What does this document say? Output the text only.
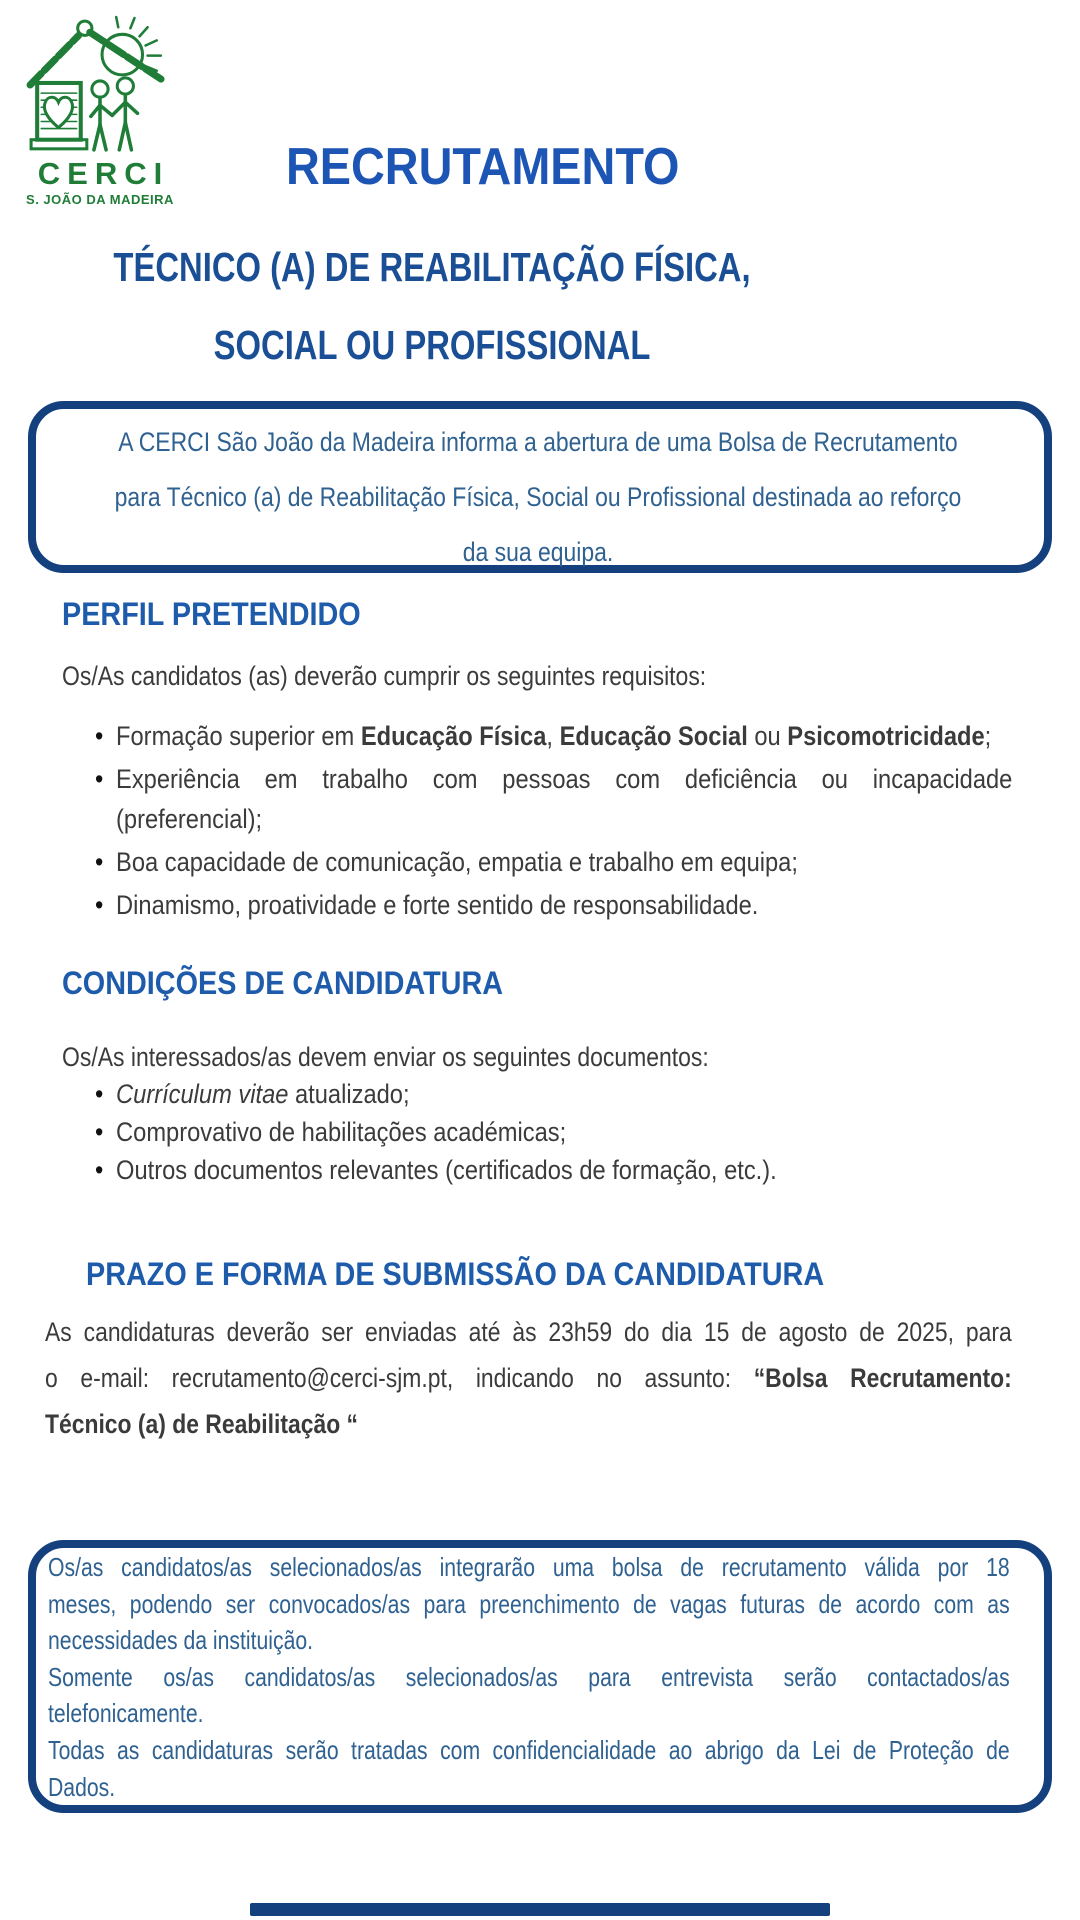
CERCI
S. JOÃO DA MADEIRA
RECRUTAMENTO
TÉCNICO (A) DE REABILITAÇÃO FÍSICA,
SOCIAL OU PROFISSIONAL
A CERCI São João da Madeira informa a abertura de uma Bolsa de Recrutamento
para Técnico (a) de Reabilitação Física, Social ou Profissional destinada ao reforço
da sua equipa.
PERFIL PRETENDIDO
Os/As candidatos (as) deverão cumprir os seguintes requisitos:
• Formação superior em Educação Física, Educação Social ou Psicomotricidade;
• Experiência em trabalho com pessoas com deficiência ou incapacidade
(preferencial);
• Boa capacidade de comunicação, empatia e trabalho em equipa;
• Dinamismo, proatividade e forte sentido de responsabilidade.
CONDIÇÕES DE CANDIDATURA
Os/As interessados/as devem enviar os seguintes documentos:
• Currículum vitae atualizado;
• Comprovativo de habilitações académicas;
• Outros documentos relevantes (certificados de formação, etc.).
PRAZO E FORMA DE SUBMISSÃO DA CANDIDATURA
As candidaturas deverão ser enviadas até às 23h59 do dia 15 de agosto de 2025, para
o e-mail: recrutamento@cerci-sjm.pt, indicando no assunto: “Bolsa Recrutamento:
Técnico (a) de Reabilitação “
Os/as candidatos/as selecionados/as integrarão uma bolsa de recrutamento válida por 18
meses, podendo ser convocados/as para preenchimento de vagas futuras de acordo com as
necessidades da instituição.
Somente os/as candidatos/as selecionados/as para entrevista serão contactados/as
telefonicamente.
Todas as candidaturas serão tratadas com confidencialidade ao abrigo da Lei de Proteção de
Dados.
